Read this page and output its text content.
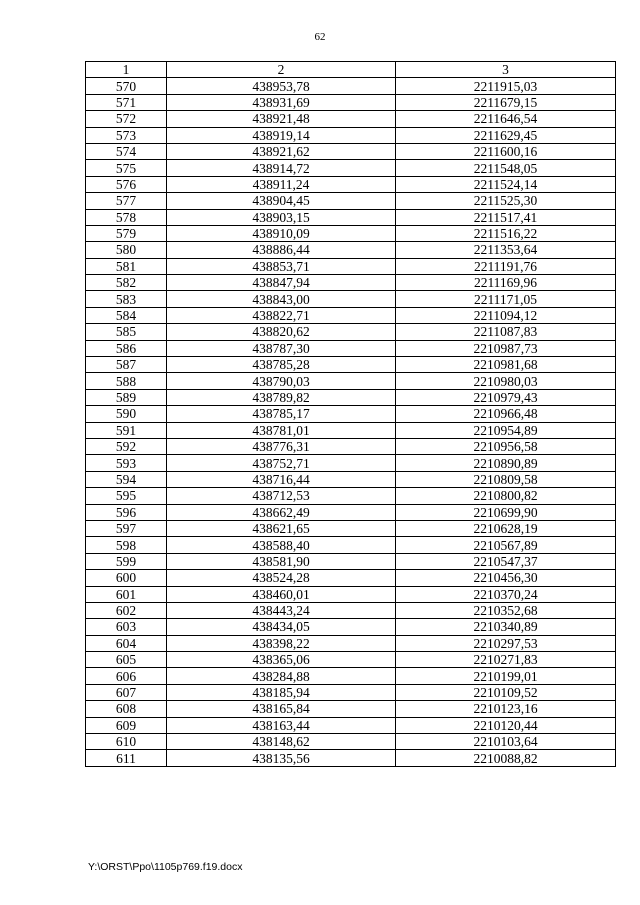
62
1	2	3
570	438953,78	2211915,03
571	438931,69	2211679,15
572	438921,48	2211646,54
573	438919,14	2211629,45
574	438921,62	2211600,16
575	438914,72	2211548,05
576	438911,24	2211524,14
577	438904,45	2211525,30
578	438903,15	2211517,41
579	438910,09	2211516,22
580	438886,44	2211353,64
581	438853,71	2211191,76
582	438847,94	2211169,96
583	438843,00	2211171,05
584	438822,71	2211094,12
585	438820,62	2211087,83
586	438787,30	2210987,73
587	438785,28	2210981,68
588	438790,03	2210980,03
589	438789,82	2210979,43
590	438785,17	2210966,48
591	438781,01	2210954,89
592	438776,31	2210956,58
593	438752,71	2210890,89
594	438716,44	2210809,58
595	438712,53	2210800,82
596	438662,49	2210699,90
597	438621,65	2210628,19
598	438588,40	2210567,89
599	438581,90	2210547,37
600	438524,28	2210456,30
601	438460,01	2210370,24
602	438443,24	2210352,68
603	438434,05	2210340,89
604	438398,22	2210297,53
605	438365,06	2210271,83
606	438284,88	2210199,01
607	438185,94	2210109,52
608	438165,84	2210123,16
609	438163,44	2210120,44
610	438148,62	2210103,64
611	438135,56	2210088,82
Y:\ORST\Ppo\1105p769.f19.docx
